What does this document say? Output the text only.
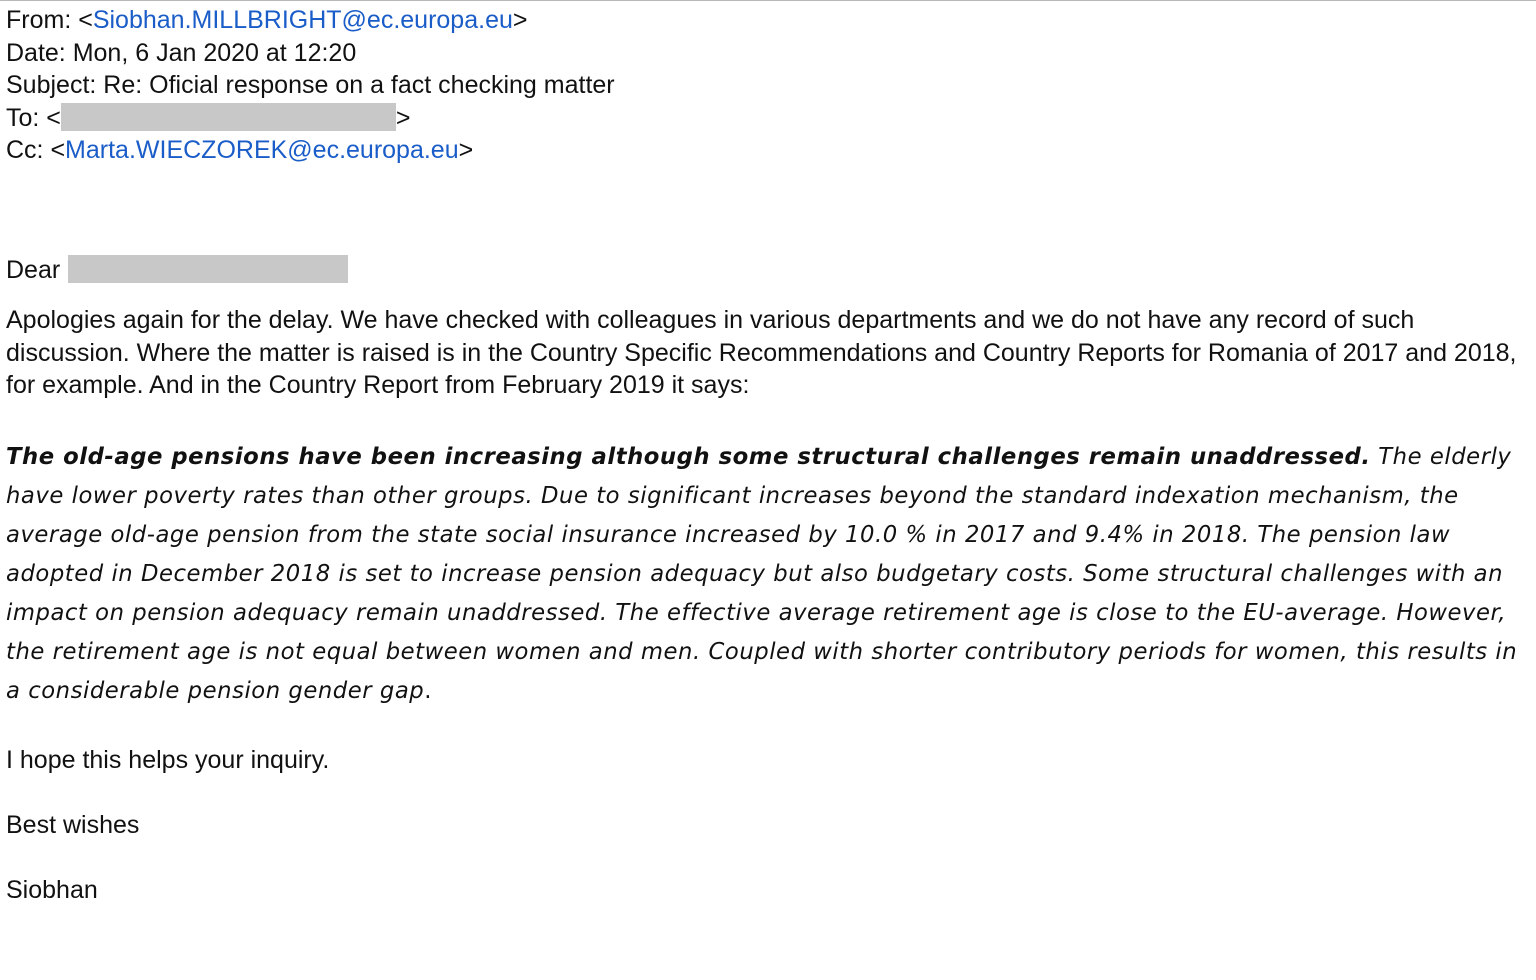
From: <Siobhan.MILLBRIGHT@ec.europa.eu>
Date: Mon, 6 Jan 2020 at 12:20
Subject: Re: Oficial response on a fact checking matter
To: <	>
Cc: <Marta.WIECZOREK@ec.europa.eu>

Dear

Apologies again for the delay. We have checked with colleagues in various departments and we do not have any record of such discussion. Where the matter is raised is in the Country Specific Recommendations and Country Reports for Romania of 2017 and 2018, for example. And in the Country Report from February 2019 it says:

The old-age pensions have been increasing although some structural challenges remain unaddressed. The elderly have lower poverty rates than other groups. Due to significant increases beyond the standard indexation mechanism, the average old-age pension from the state social insurance increased by 10.0 % in 2017 and 9.4% in 2018. The pension law adopted in December 2018 is set to increase pension adequacy but also budgetary costs. Some structural challenges with an impact on pension adequacy remain unaddressed. The effective average retirement age is close to the EU-average. However, the retirement age is not equal between women and men. Coupled with shorter contributory periods for women, this results in a considerable pension gender gap.

I hope this helps your inquiry.

Best wishes

Siobhan
